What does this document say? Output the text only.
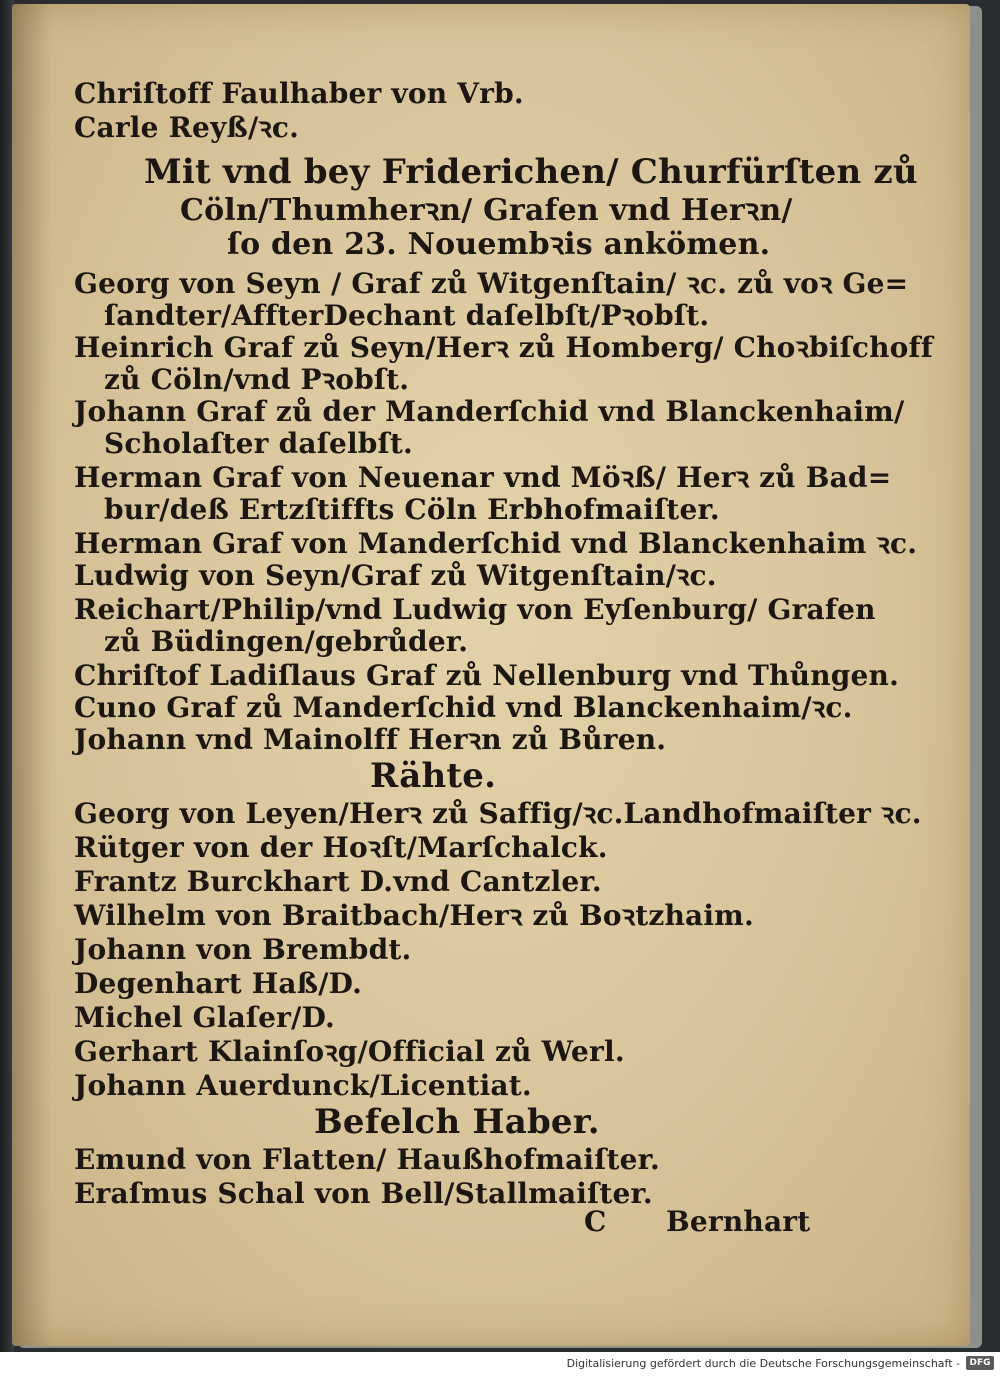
Chriſtoff Faulhaber von Vrb.
Carle Reyß/ꝛc.
Mit vnd bey Friderichen/ Churfürſten zů
Cöln/Thumherꝛn/ Grafen vnd Herꝛn/
ſo den 23. Nouembꝛis ankömen.
Georg von Seyn / Graf zů Witgenſtain/ ꝛc. zů voꝛ Ge=
ſandter/AffterDechant daſelbſt/Pꝛobſt.
Heinrich Graf zů Seyn/Herꝛ zů Homberg/ Choꝛbiſchoff
zů Cöln/vnd Pꝛobſt.
Johann Graf zů der Manderſchid vnd Blanckenhaim/
Scholaſter daſelbſt.
Herman Graf von Neuenar vnd Möꝛß/ Herꝛ zů Bad=
bur/deß Ertzſtiffts Cöln Erbhofmaiſter.
Herman Graf von Manderſchid vnd Blanckenhaim ꝛc.
Ludwig von Seyn/Graf zů Witgenſtain/ꝛc.
Reichart/Philip/vnd Ludwig von Eyſenburg/ Grafen
zů Büdingen/gebrůder.
Chriſtof Ladiſlaus Graf zů Nellenburg vnd Thůngen.
Cuno Graf zů Manderſchid vnd Blanckenhaim/ꝛc.
Johann vnd Mainolff Herꝛn zů Bůren.
Rähte.
Georg von Leyen/Herꝛ zů Saffig/ꝛc.Landhofmaiſter ꝛc.
Rütger von der Hoꝛſt/Marſchalck.
Frantz Burckhart D.vnd Cantzler.
Wilhelm von Braitbach/Herꝛ zů Boꝛtzhaim.
Johann von Brembdt.
Degenhart Haß/D.
Michel Glaſer/D.
Gerhart Klainſoꝛg/Official zů Werl.
Johann Auerdunck/Licentiat.
Befelch Haber.
Emund von Flatten/ Haußhofmaiſter.
Eraſmus Schal von Bell/Stallmaiſter.
C Bernhart
Digitalisierung gefördert durch die Deutsche Forschungsgemeinschaft -	DFG
